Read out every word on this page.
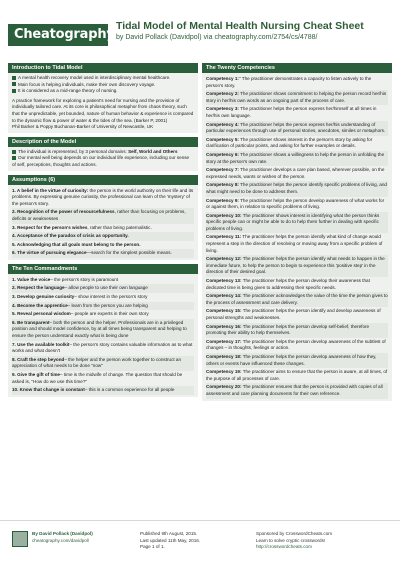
Cheatography
Tidal Model of Mental Health Nursing Cheat Sheet
by David Pollack (Davidpol) via cheatography.com/2754/cs/4788/
Introduction to Tidal Model

A mental health recovery model used in interdisciplinary mental healthcare.

Main focus is helping individuals, make their own discovery voyage.

It is considered as a mid-range theory of nursing.

A practice framework for exploring a patient's need for nursing and the provision of individually tailored care. At its core is philosophical metaphor from chaos theory, such that the unpredictable, yet bounded, nature of human behavior & experience is compared to the dynamic flow & power of water & the tides of the sea. (Barker P, 2001)

Phil Barker & Poppy Buchanan-Barker of University of Newcastle, UK

Description of the Model

The individual is represented, by 3 personal domains: Self, World and Others

Our mental well being depends on our individual life experience, including our sense of self, perceptions, thoughts and actions.

Assumptions (6)

1. A belief in the virtue of curiosity: the person is the world authority on their life and its problems. By expressing genuine curiosity, the professional can learn of the 'mystery' of the person's story.

2. Recognition of the power of resourcefulness, rather than focusing on problems, deficits or weaknesses

3. Respect for the person's wishes, rather than being paternalistic.

4. Acceptance of the paradox of crisis as opportunity.

5. Acknowledging that all goals must belong to the person.

6. The virtue of pursuing elegance—search for the simplest possible means.

The Ten Commandments

1. Value the voice– the person's story is paramount

2. Respect the language– allow people to use their own language

3. Develop genuine curiosity– show interest in the person's story

4. Become the apprentice– learn from the person you are helping

5. Reveal personal wisdom– people are experts in their own story

6. Be transparent– both the person and the helper. Professionals are in a privileged position and should model confidence, by at all times being transparent and helping to ensure the person understand exactly what is being done

7. Use the available toolkit– the person's story contains valuable information as to what works and what doesn't

8. Craft the step beyond– the helper and the person work together to construct an appreciation of what needs to be done "now"

9. Give the gift of time– time is the midwife of change. The question that should be asked is, "How do we use this time?"

10. Know that change is constant– this is a common experience for all people

The Twenty Competencies

Competency 1:" The practitioner demonstrates a capacity to listen actively to the person's story.

Competency 2: The practitioner shows commitment to helping the person record her/his story in her/his own words as an ongoing part of the process of care.

Competency 3: The practitioner helps the person express her/himself at all times in her/his own language.

Competency 4: The practitioner helps the person express her/his understanding of particular experiences through use of personal stories, anecdotes, similes or metaphors.

Competency 5: The practitioner shows interest in the person's story by asking for clarification of particular points, and asking for further examples or details.

Competency 6: The practitioner shows a willingness to help the person in unfolding the story at the person's own rate.

Competency 7: The practitioner develops a care plan based, wherever possible, on the expressed needs, wants or wishes of the person.

Competency 8: The practitioner helps the person identify specific problems of living, and what might need to be done to address them.

Competency 9: The practitioner helps the person develop awareness of what works for or against them, in relation to specific problems of living.

Competency 10: The practitioner shows interest in identifying what the person thinks specific people can or might be able to do to help them further in dealing with specific problems of living.

Competency 11: The practitioner helps the person identify what kind of change would represent a step in the direction of resolving or moving away from a specific problem of living.

Competency 12: The practitioner helps the person identify what needs to happen in the immediate future, to help the person to begin to experience this 'positive step' in the direction of their desired goal.

Competency 13: The practitioner helps the person develop their awareness that dedicated time is being given to addressing their specific needs.

Competency 14: The practitioner acknowledges the value of the time the person gives to the process of assessment and care delivery.

Competency 15: The practitioner helps the person identify and develop awareness of personal strengths and weaknesses.

Competency 16: The practitioner helps the person develop self-belief, therefore promoting their ability to help themselves.

Competency 17: The practitioner helps the person develop awareness of the subtlest of changes – in thoughts, feelings or action.

Competency 18: The practitioner helps the person develop awareness of how they, others or events have influenced these changes.

Competency 19: The practitioner aims to ensure that the person is aware, at all times, of the purpose of all processes of care.

Competency 20: The practitioner ensures that the person is provided with copies of all assessment and care planning documents for their own reference.

By David Pollack (Davidpol)
cheatography.com/davidpol/
Published 9th August, 2015.
Last updated 11th May, 2016.
Page 1 of 1.
Sponsored by CrosswordCheats.com
Learn to solve cryptic crosswords!
http://crosswordcheats.com
